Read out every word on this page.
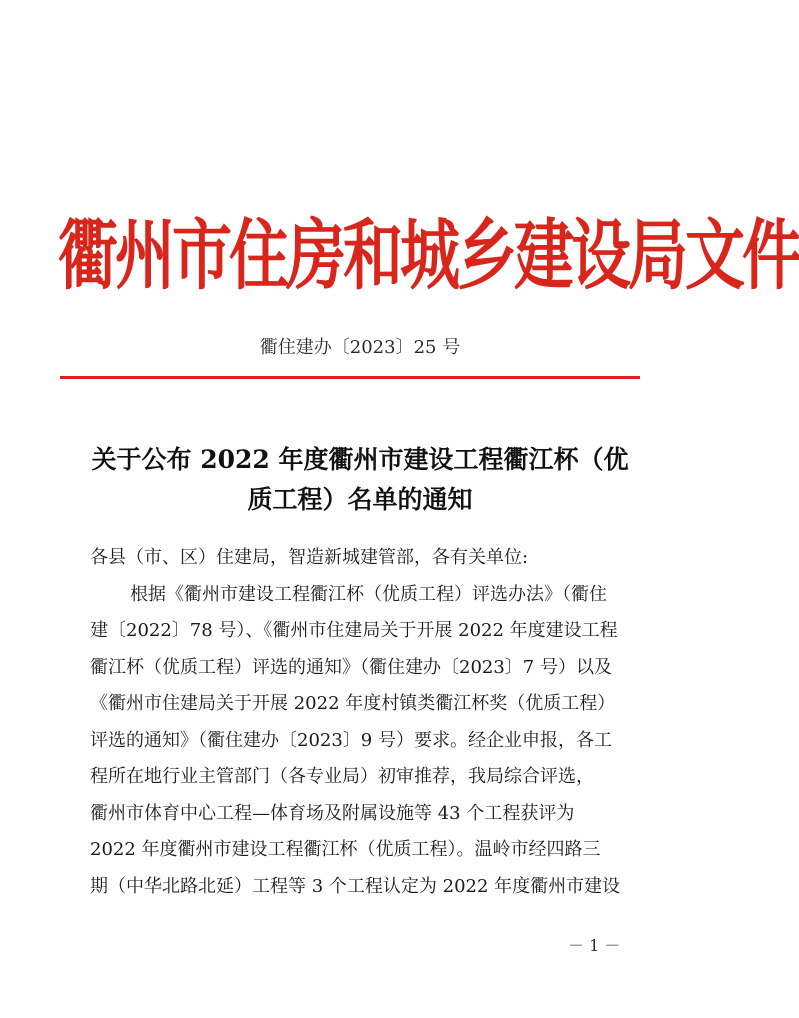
衢州市住房和城乡建设局文件
衢住建办〔2023〕25 号
关于公布 2022 年度衢州市建设工程衢江杯（优
质工程）名单的通知
各县（市、区）住建局，智造新城建管部，各有关单位:
根据《衢州市建设工程衢江杯（优质工程）评选办法》（衢住
建〔2022〕78 号）、《衢州市住建局关于开展 2022 年度建设工程
衢江杯（优质工程）评选的通知》（衢住建办〔2023〕7 号）以及
《衢州市住建局关于开展 2022 年度村镇类衢江杯奖（优质工程）
评选的通知》（衢住建办〔2023〕9 号）要求。经企业申报，各工
程所在地行业主管部门（各专业局）初审推荐，我局综合评选，
衢州市体育中心工程—体育场及附属设施等 43 个工程获评为
2022 年度衢州市建设工程衢江杯（优质工程）。温岭市经四路三
期（中华北路北延）工程等 3 个工程认定为 2022 年度衢州市建设
－ 1 －
